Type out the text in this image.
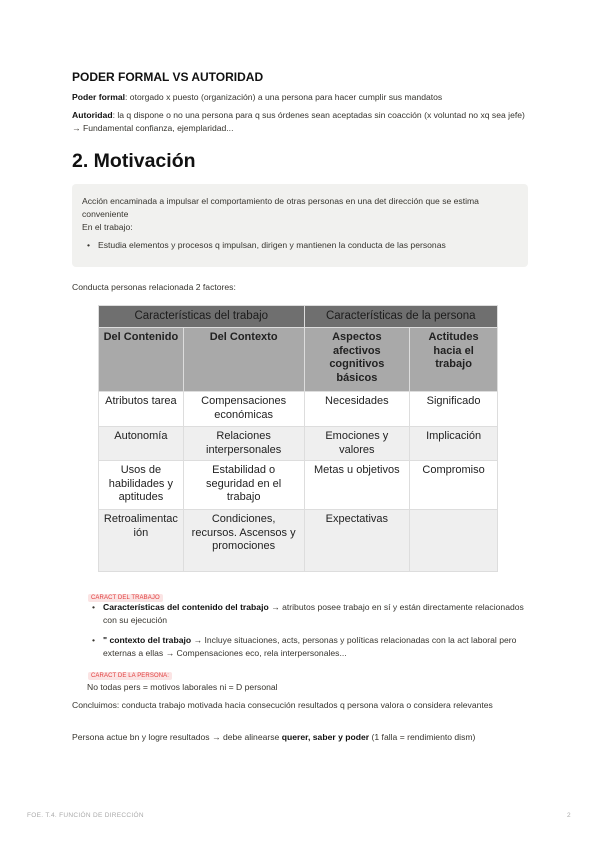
PODER FORMAL VS AUTORIDAD
Poder formal: otorgado x puesto (organización) a una persona para hacer cumplir sus mandatos
Autoridad: la q dispone o no una persona para q sus órdenes sean aceptadas sin coacción (x voluntad no xq sea jefe) → Fundamental confianza, ejemplaridad...
2. Motivación
Acción encaminada a impulsar el comportamiento de otras personas en una det dirección que se estima conveniente
En el trabajo:
• Estudia elementos y procesos q impulsan, dirigen y mantienen la conducta de las personas
Conducta personas relacionada 2 factores:
Características del trabajo		Características de la persona	
Del Contenido	Del Contexto	Aspectos afectivos cognitivos básicos	Actitudes hacia el trabajo
Atributos tarea	Compensaciones económicas	Necesidades	Significado
Autonomía	Relaciones interpersonales	Emociones y valores	Implicación
Usos de habilidades y aptitudes	Estabilidad o seguridad en el trabajo	Metas u objetivos	Compromiso
Retroalimentación	Condiciones, recursos. Ascensos y promociones	Expectativas	
CARACT DEL TRABAJO
• Características del contenido del trabajo → atributos posee trabajo en sí y están directamente relacionados con su ejecución
• " contexto del trabajo → Incluye situaciones, acts, personas y políticas relacionadas con la act laboral pero externas a ellas → Compensaciones eco, rela interpersonales...
CARACT DE LA PERSONA:
No todas pers = motivos laborales ni = D personal
Concluimos: conducta trabajo motivada hacia consecución resultados q persona valora o considera relevantes
Persona actue bn y logre resultados → debe alinearse querer, saber y poder (1 falla = rendimiento dism)
FOE. T.4. FUNCIÓN DE DIRECCIÓN	2
